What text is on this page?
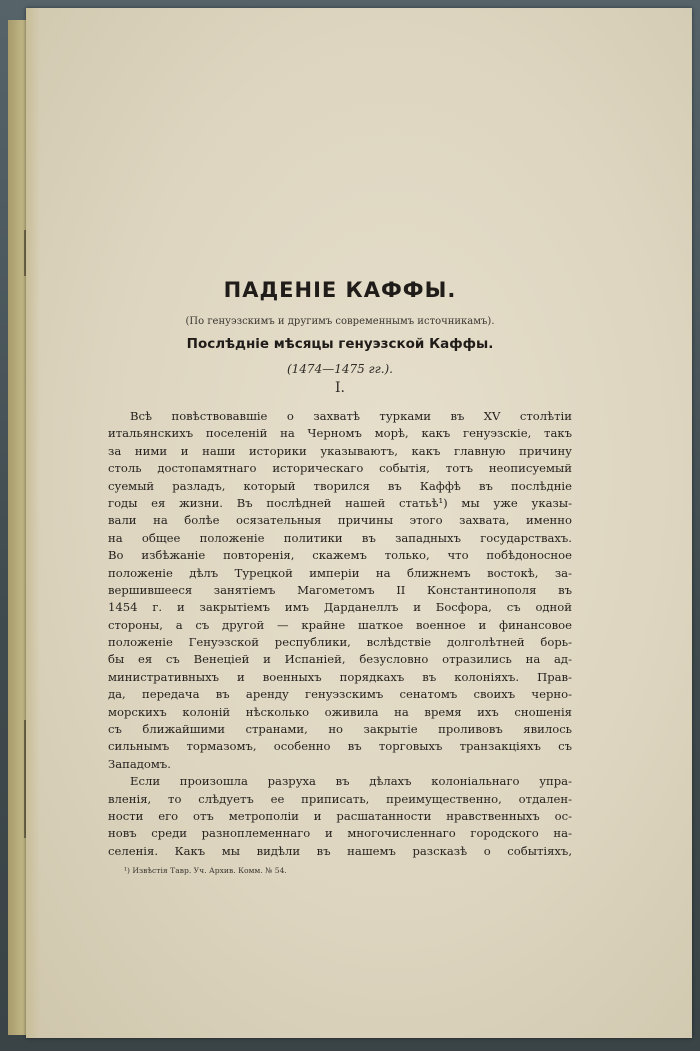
ПАДЕНІЕ КАФФЫ.
(По генуэзскимъ и другимъ современнымъ источникамъ).
Послѣдніе мѣсяцы генуэзской Каффы.
(1474—1475 гг.).
I.
Всѣ повѣствовавшіе о захватѣ турками въ XV столѣтіи
итальянскихъ поселеній на Черномъ морѣ, какъ генуэзскіе, такъ
за ними и наши историки указываютъ, какъ главную причину
столь достопамятнаго историческаго событія, тотъ неописуемый
суемый разладъ, который творился въ Каффѣ въ послѣдніе
годы ея жизни. Въ послѣдней нашей статьѣ¹) мы уже указы-
вали на болѣе осязательныя причины этого захвата, именно
на общее положеніе политики въ западныхъ государствахъ.
Во избѣжаніе повторенія, скажемъ только, что побѣдоносное
положеніе дѣлъ Турецкой имперіи на ближнемъ востокѣ, за-
вершившееся занятіемъ Магометомъ II Константинополя въ
1454 г. и закрытіемъ имъ Дарданеллъ и Босфора, съ одной
стороны, а съ другой — крайне шаткое военное и финансовое
положеніе Генуэзской республики, вслѣдствіе долголѣтней борь-
бы ея съ Венеціей и Испаніей, безусловно отразились на ад-
министративныхъ и военныхъ порядкахъ въ колоніяхъ. Прав-
да, передача въ аренду генуэзскимъ сенатомъ своихъ черно-
морскихъ колоній нѣсколько оживила на время ихъ сношенія
съ ближайшими странами, но закрытіе проливовъ явилось
сильнымъ тормазомъ, особенно въ торговыхъ транзакціяхъ съ
Западомъ.
Если произошла разруха въ дѣлахъ колоніальнаго упра-
вленія, то слѣдуетъ ее приписать, преимущественно, отдален-
ности его отъ метрополіи и расшатанности нравственныхъ ос-
новъ среди разноплеменнаго и многочисленнаго городского на-
селенія. Какъ мы видѣли въ нашемъ разсказѣ о событіяхъ,
¹) Извѣстія Тавр. Уч. Архив. Комм. № 54.
